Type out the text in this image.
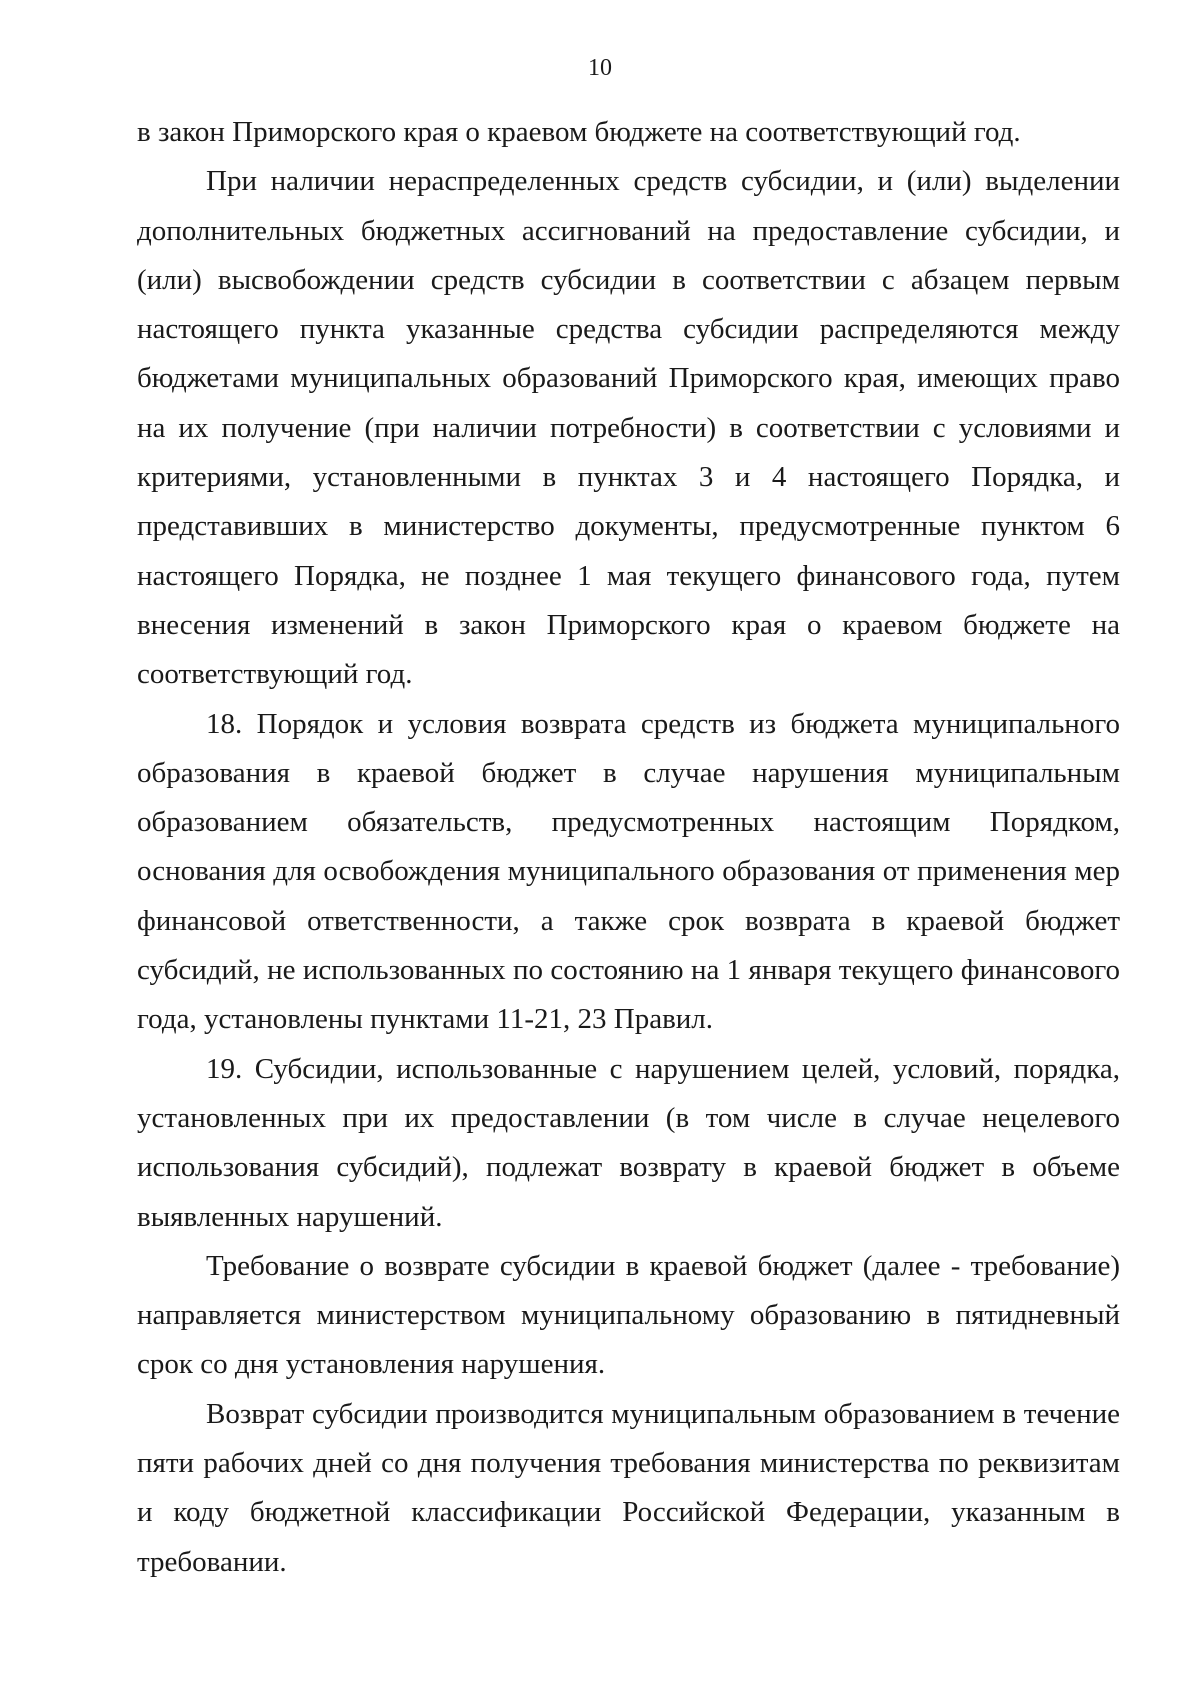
10

в закон Приморского края о краевом бюджете на соответствующий год.

При наличии нераспределенных средств субсидии, и (или) выделении дополнительных бюджетных ассигнований на предоставление субсидии, и (или) высвобождении средств субсидии в соответствии с абзацем первым настоящего пункта указанные средства субсидии распределяются между бюджетами муниципальных образований Приморского края, имеющих право на их получение (при наличии потребности) в соответствии с условиями и критериями, установленными в пунктах 3 и 4 настоящего Порядка, и представивших в министерство документы, предусмотренные пунктом 6 настоящего Порядка, не позднее 1 мая текущего финансового года, путем внесения изменений в закон Приморского края о краевом бюджете на соответствующий год.

18. Порядок и условия возврата средств из бюджета муниципального образования в краевой бюджет в случае нарушения муниципальным образованием обязательств, предусмотренных настоящим Порядком, основания для освобождения муниципального образования от применения мер финансовой ответственности, а также срок возврата в краевой бюджет субсидий, не использованных по состоянию на 1 января текущего финансового года, установлены пунктами 11-21, 23 Правил.

19. Субсидии, использованные с нарушением целей, условий, порядка, установленных при их предоставлении (в том числе в случае нецелевого использования субсидий), подлежат возврату в краевой бюджет в объеме выявленных нарушений.

Требование о возврате субсидии в краевой бюджет (далее - требование) направляется министерством муниципальному образованию в пятидневный срок со дня установления нарушения.

Возврат субсидии производится муниципальным образованием в течение пяти рабочих дней со дня получения требования министерства по реквизитам и коду бюджетной классификации Российской Федерации, указанным в требовании.
